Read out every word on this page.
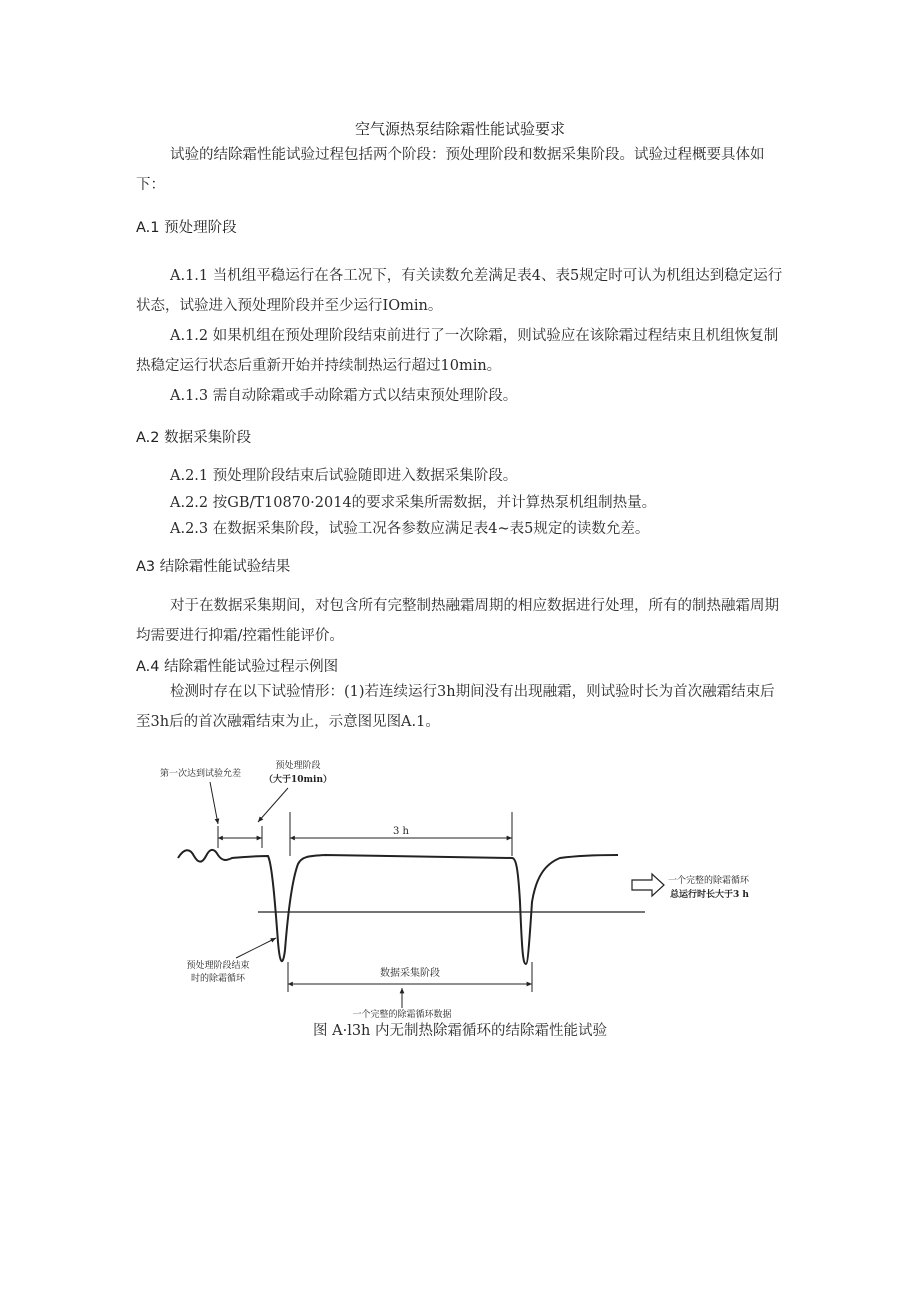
空气源热泵结除霜性能试验要求
试验的结除霜性能试验过程包括两个阶段：预处理阶段和数据采集阶段。试验过程概要具体如下：
A.1 预处理阶段
A.1.1 当机组平稳运行在各工况下，有关读数允差满足表4、表5规定时可认为机组达到稳定运行状态，试验进入预处理阶段并至少运行IOmin。
A.1.2 如果机组在预处理阶段结束前进行了一次除霜，则试验应在该除霜过程结束且机组恢复制热稳定运行状态后重新开始并持续制热运行超过10min。
A.1.3 需自动除霜或手动除霜方式以结束预处理阶段。
A.2 数据采集阶段
A.2.1 预处理阶段结束后试验随即进入数据采集阶段。
A.2.2 按GB/T10870·2014的要求采集所需数据，并计算热泵机组制热量。
A.2.3 在数据采集阶段，试验工况各参数应满足表4~表5规定的读数允差。
A3 结除霜性能试验结果
对于在数据采集期间，对包含所有完整制热融霜周期的相应数据进行处理，所有的制热融霜周期均需要进行抑霜/控霜性能评价。
A.4 结除霜性能试验过程示例图
检测时存在以下试验情形：(1)若连续运行3h期间没有出现融霜，则试验时长为首次融霜结束后至3h后的首次融霜结束为止，示意图见图A.1。
3 h
数据采集阶段
一个完整的除霜循环数据
第一次达到试验允差
预处理阶段
（大于10min）
预处理阶段结束
时的除霜循环
一个完整的除霜循环
总运行时长大于3 h
图 A·l3h 内无制热除霜循环的结除霜性能试验
